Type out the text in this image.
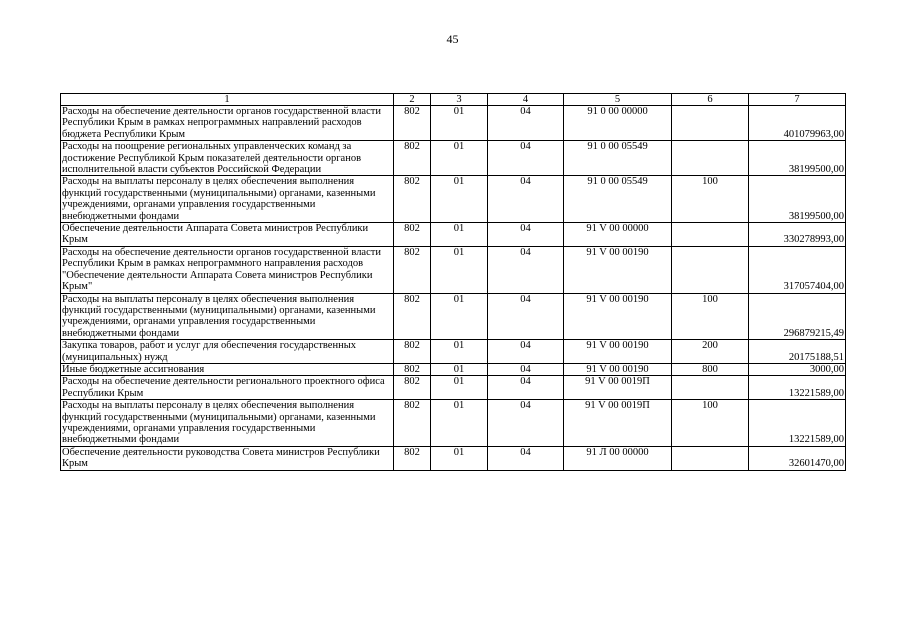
45
1	2	3	4	5	6	7
Расходы на обеспечение деятельности органов государственной власти Республики Крым в рамках непрограммных направлений расходов бюджета Республики Крым	802	01	04	91 0 00 00000		401079963,00
Расходы на поощрение региональных управленческих команд за достижение Республикой Крым показателей деятельности органов исполнительной власти субъектов Российской Федерации	802	01	04	91 0 00 05549		38199500,00
Расходы на выплаты персоналу в целях обеспечения выполнения функций государственными (муниципальными) органами, казенными учреждениями, органами управления государственными внебюджетными фондами	802	01	04	91 0 00 05549	100	38199500,00
Обеспечение деятельности Аппарата Совета министров Республики Крым	802	01	04	91 V 00 00000		330278993,00
Расходы на обеспечение деятельности органов государственной власти Республики Крым в рамках непрограммного направления расходов "Обеспечение деятельности Аппарата Совета министров Республики Крым"	802	01	04	91 V 00 00190		317057404,00
Расходы на выплаты персоналу в целях обеспечения выполнения функций государственными (муниципальными) органами, казенными учреждениями, органами управления государственными внебюджетными фондами	802	01	04	91 V 00 00190	100	296879215,49
Закупка товаров, работ и услуг для обеспечения государственных (муниципальных) нужд	802	01	04	91 V 00 00190	200	20175188,51
Иные бюджетные ассигнования	802	01	04	91 V 00 00190	800	3000,00
Расходы на обеспечение деятельности регионального проектного офиса Республики Крым	802	01	04	91 V 00 0019П		13221589,00
Расходы на выплаты персоналу в целях обеспечения выполнения функций государственными (муниципальными) органами, казенными учреждениями, органами управления государственными внебюджетными фондами	802	01	04	91 V 00 0019П	100	13221589,00
Обеспечение деятельности руководства Совета министров Республики Крым	802	01	04	91 Л 00 00000		32601470,00
